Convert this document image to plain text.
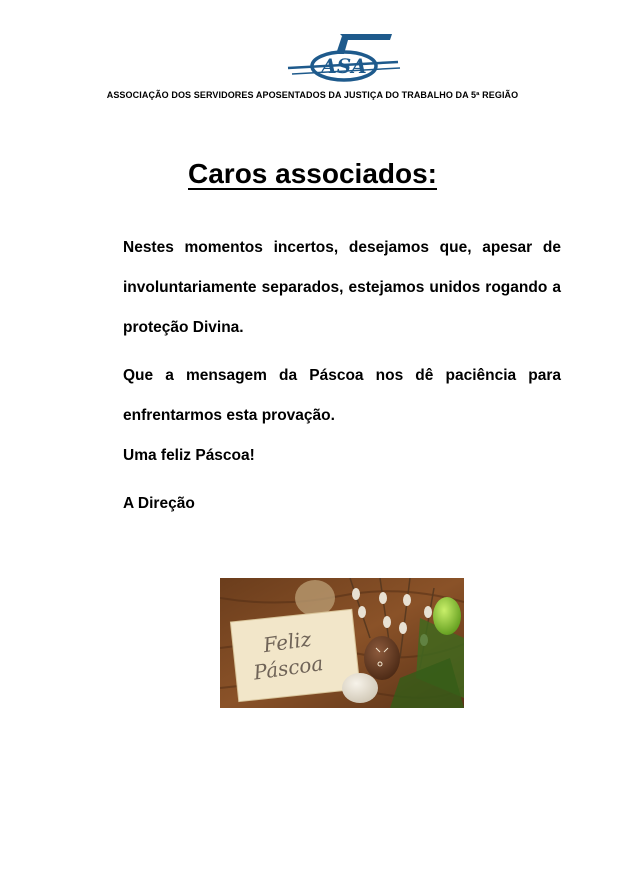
ASA
ASSOCIAÇÃO DOS SERVIDORES APOSENTADOS DA JUSTIÇA DO TRABALHO DA 5ª REGIÃO
Caros associados:

Nestes momentos incertos, desejamos que, apesar de involuntariamente separados, estejamos unidos rogando a proteção Divina.

Que a mensagem da Páscoa nos dê paciência para enfrentarmos esta provação.

Uma feliz Páscoa!

A Direção

Feliz
Páscoa
